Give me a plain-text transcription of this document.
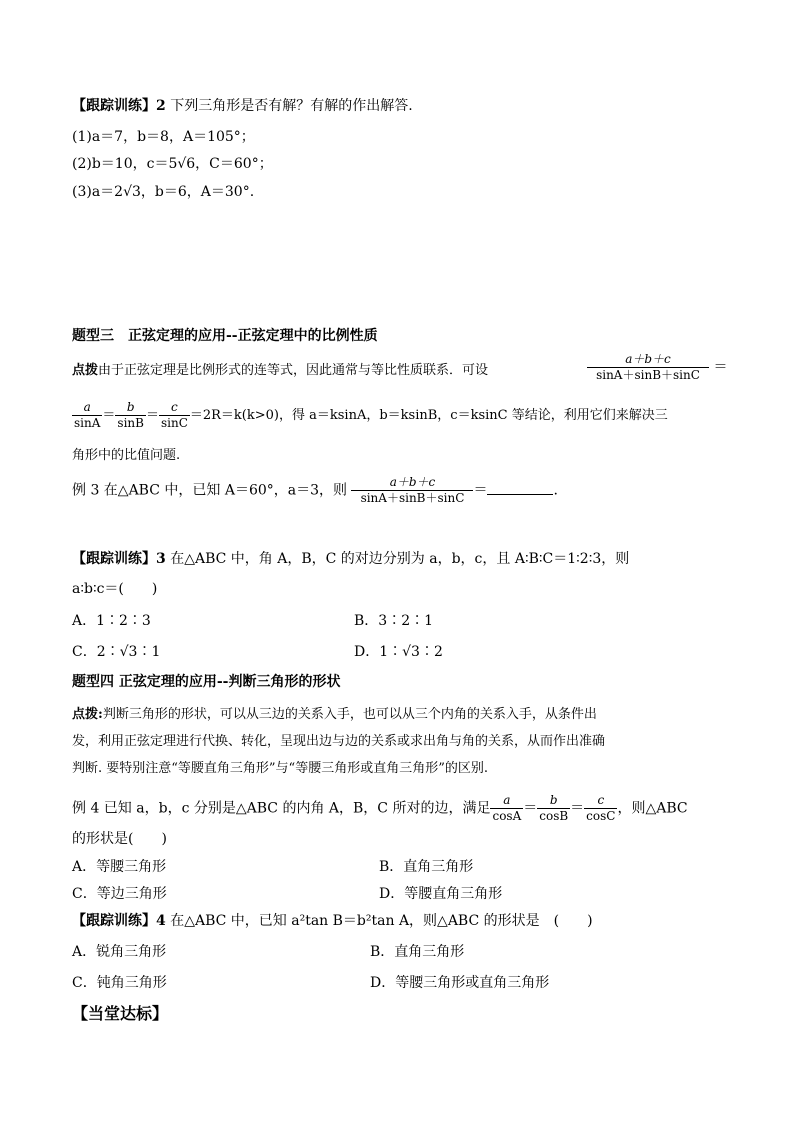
【跟踪训练】2 下列三角形是否有解？有解的作出解答.
(1)a＝7，b＝8，A＝105°；
(2)b＝10，c＝5√6，C＝60°；
(3)a＝2√3，b＝6，A＝30°.
题型三　正弦定理的应用--正弦定理中的比例性质
点拨由于正弦定理是比例形式的连等式，因此通常与等比性质联系．可设	$\frac{a+b+c}{\sin A+\sin B+\sin C}$ ＝
$\frac{a}{\sin A} = \frac{b}{\sin B} = \frac{c}{\sin C} =2R=k(k>0)$，得 a＝ksinA，b＝ksinB，c＝ksinC 等结论，利用它们来解决三
角形中的比值问题.
例 3 在△ABC 中，已知 A＝60°，a＝3，则 $\frac{a+b+c}{\sin A+\sin B+\sin C}$ ＝	.
【跟踪训练】3 在△ABC 中，角 A，B，C 的对边分别为 a，b，c，且 A∶B∶C＝1∶2∶3，则
a∶b∶c＝(　　)
A．1∶2∶3	B．3∶2∶1
C．2∶√3∶1	D．1∶√3∶2
题型四 正弦定理的应用--判断三角形的形状
点拨:判断三角形的形状，可以从三边的关系入手，也可以从三个内角的关系入手，从条件出
发，利用正弦定理进行代换、转化，呈现出边与边的关系或求出角与角的关系，从而作出准确
判断. 要特别注意“等腰直角三角形”与“等腰三角形或直角三角形”的区别.
例 4 已知 a，b，c 分别是△ABC 的内角 A，B，C 所对的边，满足 $\frac{a}{\cos A} = \frac{b}{\cos B} = \frac{c}{\cos C}$ ，则△ABC
的形状是(　　)
A．等腰三角形	B．直角三角形
C．等边三角形	D．等腰直角三角形
【跟踪训练】4 在△ABC 中，已知 a²tan B＝b²tan A，则△ABC 的形状是　(　　)
A．锐角三角形	B．直角三角形
C．钝角三角形	D．等腰三角形或直角三角形
【当堂达标】
